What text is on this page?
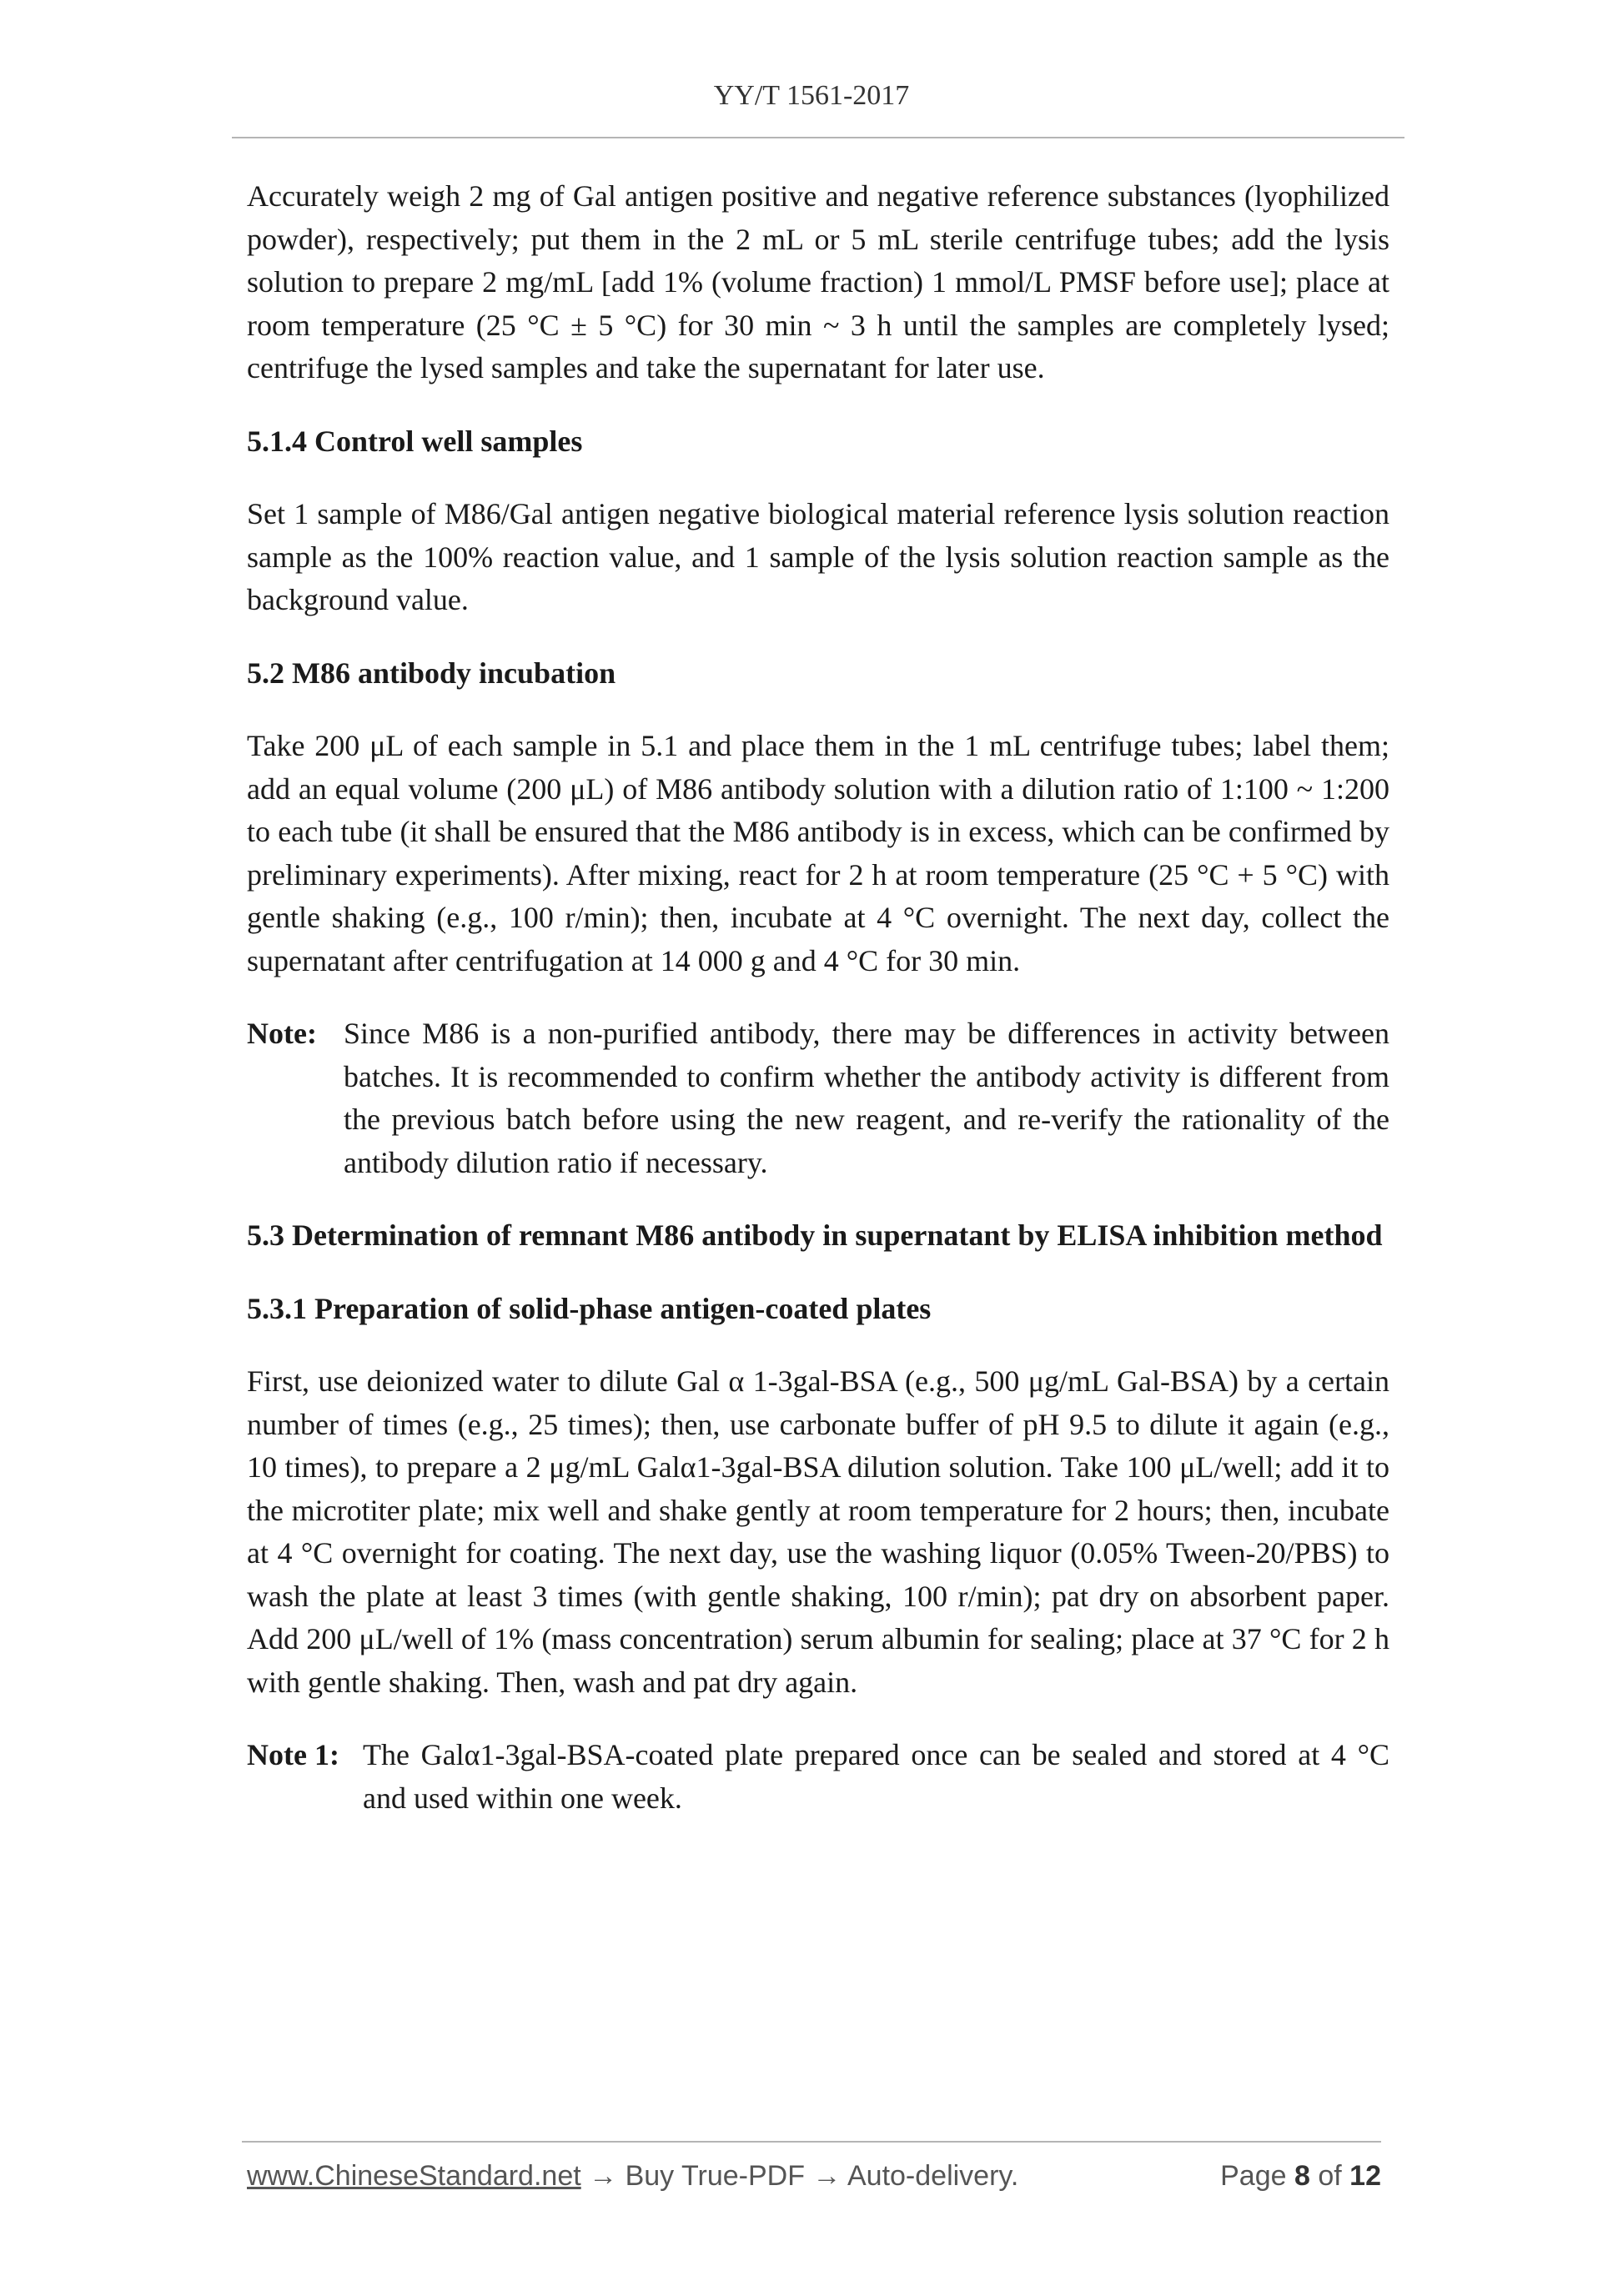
YY/T 1561-2017

Accurately weigh 2 mg of Gal antigen positive and negative reference substances (lyophilized powder), respectively; put them in the 2 mL or 5 mL sterile centrifuge tubes; add the lysis solution to prepare 2 mg/mL [add 1% (volume fraction) 1 mmol/L PMSF before use]; place at room temperature (25 °C ± 5 °C) for 30 min ~ 3 h until the samples are completely lysed; centrifuge the lysed samples and take the supernatant for later use.

5.1.4 Control well samples

Set 1 sample of M86/Gal antigen negative biological material reference lysis solution reaction sample as the 100% reaction value, and 1 sample of the lysis solution reaction sample as the background value.

5.2 M86 antibody incubation

Take 200 μL of each sample in 5.1 and place them in the 1 mL centrifuge tubes; label them; add an equal volume (200 μL) of M86 antibody solution with a dilution ratio of 1:100 ~ 1:200 to each tube (it shall be ensured that the M86 antibody is in excess, which can be confirmed by preliminary experiments). After mixing, react for 2 h at room temperature (25 °C + 5 °C) with gentle shaking (e.g., 100 r/min); then, incubate at 4 °C overnight. The next day, collect the supernatant after centrifugation at 14 000 g and 4 °C for 30 min.

Note: Since M86 is a non-purified antibody, there may be differences in activity between batches. It is recommended to confirm whether the antibody activity is different from the previous batch before using the new reagent, and re-verify the rationality of the antibody dilution ratio if necessary.
5.3 Determination of remnant M86 antibody in supernatant by ELISA inhibition method
5.3.1 Preparation of solid-phase antigen-coated plates

First, use deionized water to dilute Gal α 1-3gal-BSA (e.g., 500 μg/mL Gal-BSA) by a certain number of times (e.g., 25 times); then, use carbonate buffer of pH 9.5 to dilute it again (e.g., 10 times), to prepare a 2 μg/mL Galα1-3gal-BSA dilution solution. Take 100 μL/well; add it to the microtiter plate; mix well and shake gently at room temperature for 2 hours; then, incubate at 4 °C overnight for coating. The next day, use the washing liquor (0.05% Tween-20/PBS) to wash the plate at least 3 times (with gentle shaking, 100 r/min); pat dry on absorbent paper. Add 200 μL/well of 1% (mass concentration) serum albumin for sealing; place at 37 °C for 2 h with gentle shaking. Then, wash and pat dry again.

Note 1: The Galα1-3gal-BSA-coated plate prepared once can be sealed and stored at 4 °C and used within one week.
www.ChineseStandard.net → Buy True-PDF → Auto-delivery.	Page 8 of 12
